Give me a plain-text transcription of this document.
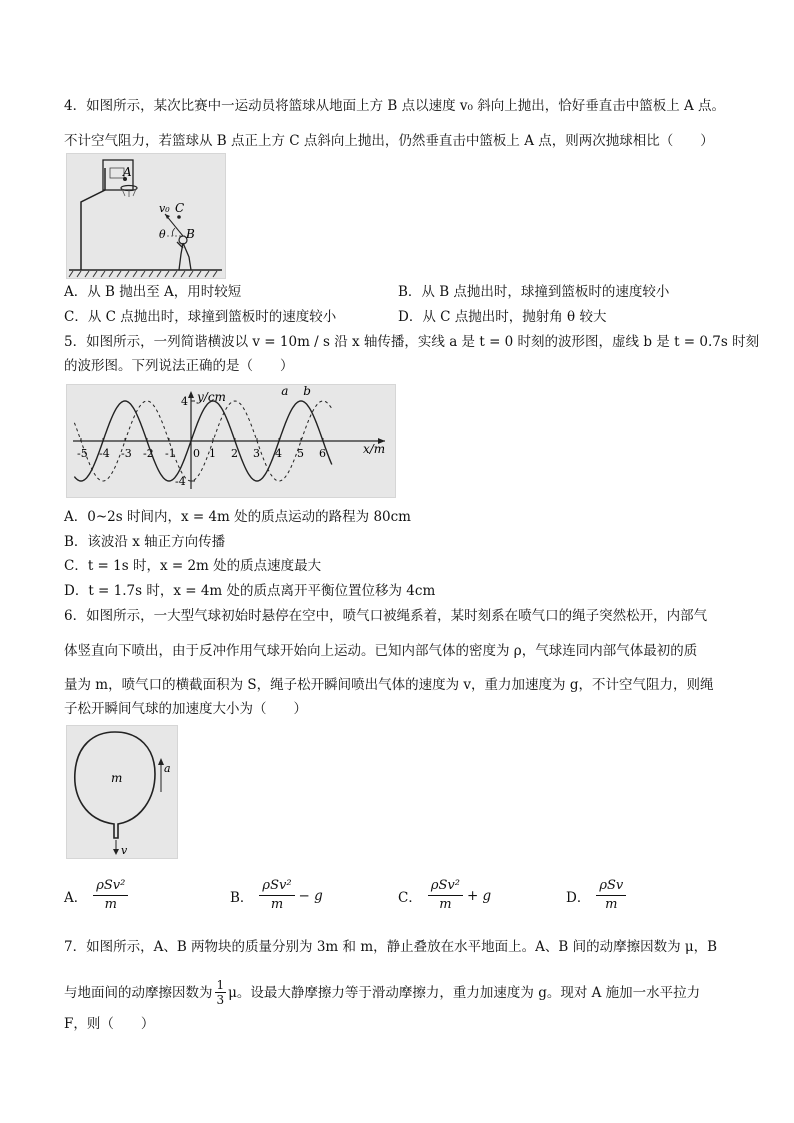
4．如图所示，某次比赛中一运动员将篮球从地面上方 B 点以速度 v₀ 斜向上抛出，恰好垂直击中篮板上 A 点。
不计空气阻力，若篮球从 B 点正上方 C 点斜向上抛出，仍然垂直击中篮板上 A 点，则两次抛球相比（　　）
A
C
v₀
θ B
A．从 B 抛出至 A，用时较短	B．从 B 点抛出时，球撞到篮板时的速度较小
C．从 C 点抛出时，球撞到篮板时的速度较小	D．从 C 点抛出时，抛射角 θ 较大
5．如图所示，一列简谐横波以 v = 10m / s 沿 x 轴传播，实线 a 是 t = 0 时刻的波形图，虚线 b 是 t = 0.7s 时刻
的波形图。下列说法正确的是（　　）
y/cm
x/m
-5 -4 -3 -2 -1 0 1 2 3 4 5 6
4
-4
a b
A．0~2s 时间内，x = 4m 处的质点运动的路程为 80cm
B．该波沿 x 轴正方向传播
C．t = 1s 时，x = 2m 处的质点速度最大
D．t = 1.7s 时，x = 4m 处的质点离开平衡位置位移为 4cm
6．如图所示，一大型气球初始时悬停在空中，喷气口被绳系着，某时刻系在喷气口的绳子突然松开，内部气
体竖直向下喷出，由于反冲作用气球开始向上运动。已知内部气体的密度为 ρ，气球连同内部气体最初的质
量为 m，喷气口的横截面积为 S，绳子松开瞬间喷出气体的速度为 v，重力加速度为 g，不计空气阻力，则绳
子松开瞬间气球的加速度大小为（　　）
m
a
v
A． $\frac{\text{ρSv²}}{m}$	B． $\frac{\text{ρSv²}}{m} - g$	C． $\frac{\text{ρSv²}}{m} + g$	D． $\frac{\text{ρSv}}{m}$
7．如图所示，A、B 两物块的质量分别为 3m 和 m，静止叠放在水平地面上。A、B 间的动摩擦因数为 μ，B
与地面间的动摩擦因数为 $\frac{1}{3}$ μ。设最大静摩擦力等于滑动摩擦力，重力加速度为 g。现对 A 施加一水平拉力
F，则（　　）
